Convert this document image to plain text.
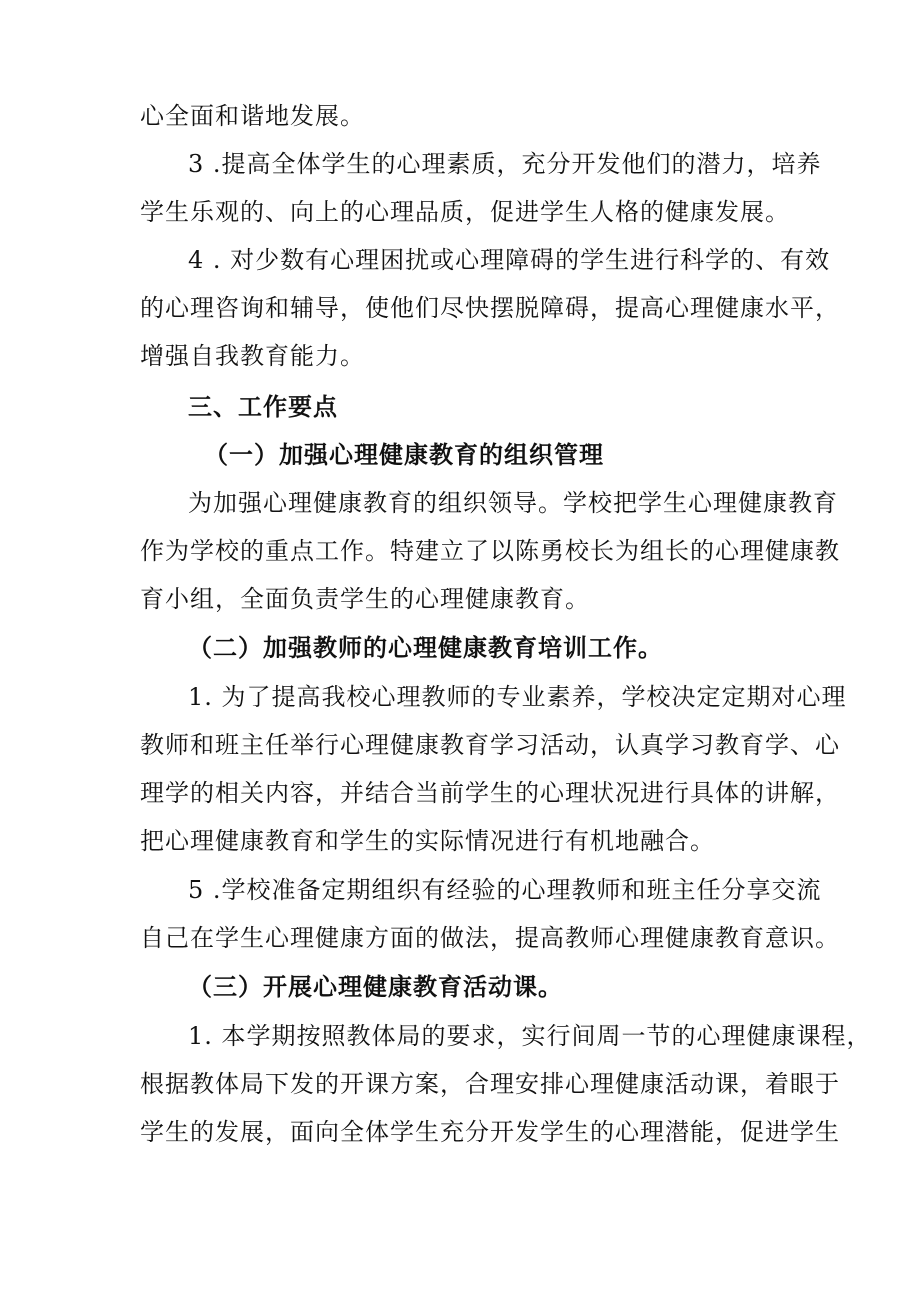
心全面和谐地发展。
3 .提高全体学生的心理素质，充分开发他们的潜力，培养
学生乐观的、向上的心理品质，促进学生人格的健康发展。
4 . 对少数有心理困扰或心理障碍的学生进行科学的、有效
的心理咨询和辅导，使他们尽快摆脱障碍，提高心理健康水平，
增强自我教育能力。
三、工作要点
（一）加强心理健康教育的组织管理
为加强心理健康教育的组织领导。学校把学生心理健康教育
作为学校的重点工作。特建立了以陈勇校长为组长的心理健康教
育小组，全面负责学生的心理健康教育。
（二）加强教师的心理健康教育培训工作。
1. 为了提高我校心理教师的专业素养，学校决定定期对心理
教师和班主任举行心理健康教育学习活动，认真学习教育学、心
理学的相关内容，并结合当前学生的心理状况进行具体的讲解，
把心理健康教育和学生的实际情况进行有机地融合。
5 .学校准备定期组织有经验的心理教师和班主任分享交流
自己在学生心理健康方面的做法，提高教师心理健康教育意识。
（三）开展心理健康教育活动课。
1. 本学期按照教体局的要求，实行间周一节的心理健康课程，
根据教体局下发的开课方案，合理安排心理健康活动课，着眼于
学生的发展，面向全体学生充分开发学生的心理潜能，促进学生
